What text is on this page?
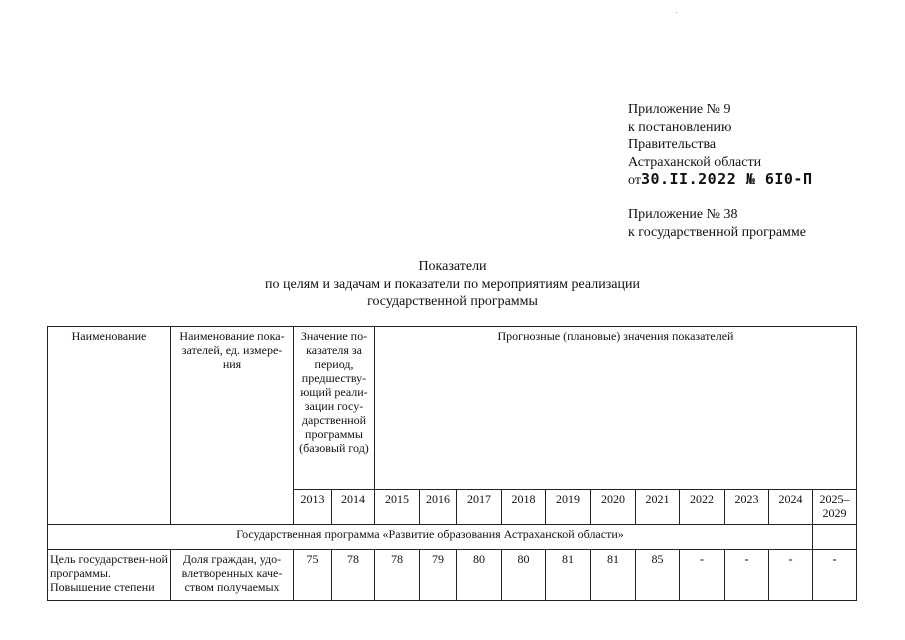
Приложение № 9
к постановлению
Правительства
Астраханской области
от30.II.2022 № 6I0-П
Приложение № 38
к государственной программе
Показатели
по целям и задачам и показатели по мероприятиям реализации
государственной программы
Наименование	Наименование пока-зателей, ед. измере-ния	Значение по-казателя за период, предшеству-ющий реали-зации госу-дарственной программы (базовый год)		Прогнозные (плановые) значения показателей										
		2013	2014	2015	2016	2017	2018	2019	2020	2021	2022	2023	2024	2025–2029
Государственная программа «Развитие образования Астраханской области»														
Цель государствен-ной программы. Повышение степени	Доля граждан, удо-влетворенных каче-ством получаемых	75	78	78	79	80	80	81	81	85	-	-	-	-
